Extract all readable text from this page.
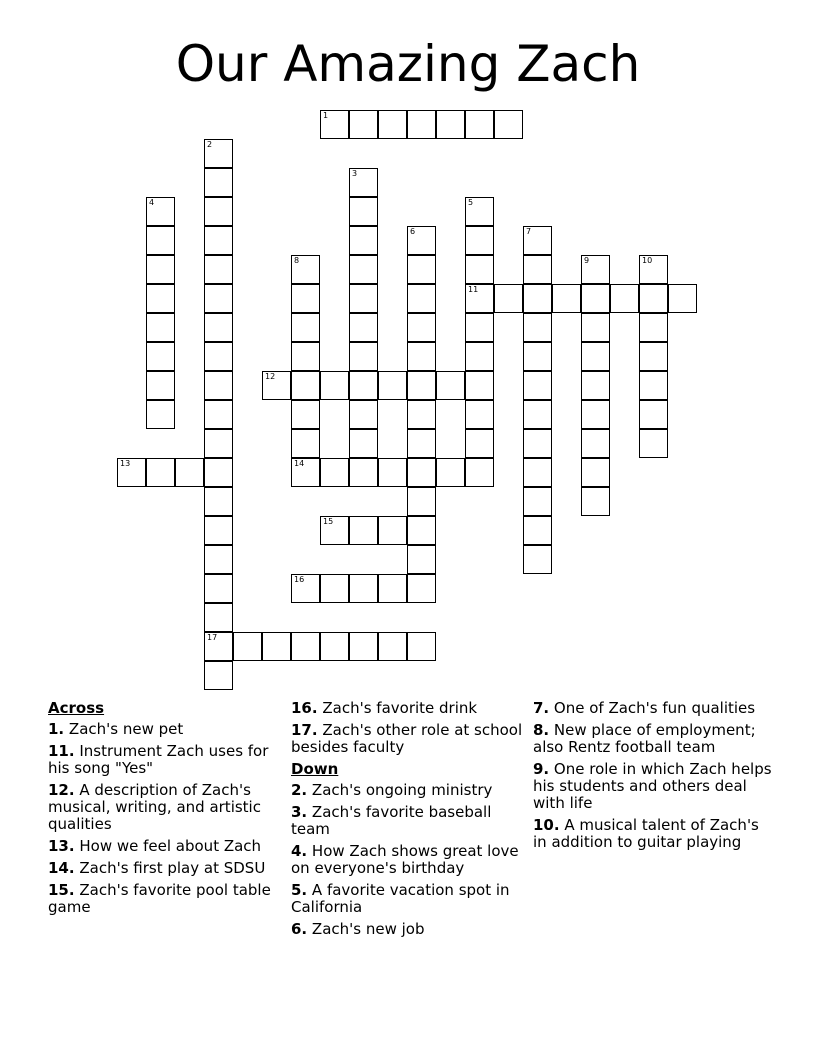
Our Amazing Zach
1
2
17
3
4	5
11
6	7
8	9	10
12
13	14
15
16
Across
1. Zach's new pet
11. Instrument Zach uses for his song "Yes"
12. A description of Zach's musical, writing, and artistic qualities
13. How we feel about Zach
14. Zach's first play at SDSU
15. Zach's favorite pool table game
16. Zach's favorite drink
17. Zach's other role at school besides faculty
Down
2. Zach's ongoing ministry
3. Zach's favorite baseball team
4. How Zach shows great love on everyone's birthday
5. A favorite vacation spot in California
6. Zach's new job
7. One of Zach's fun qualities
8. New place of employment; also Rentz football team
9. One role in which Zach helps his students and others deal with life
10. A musical talent of Zach's in addition to guitar playing
